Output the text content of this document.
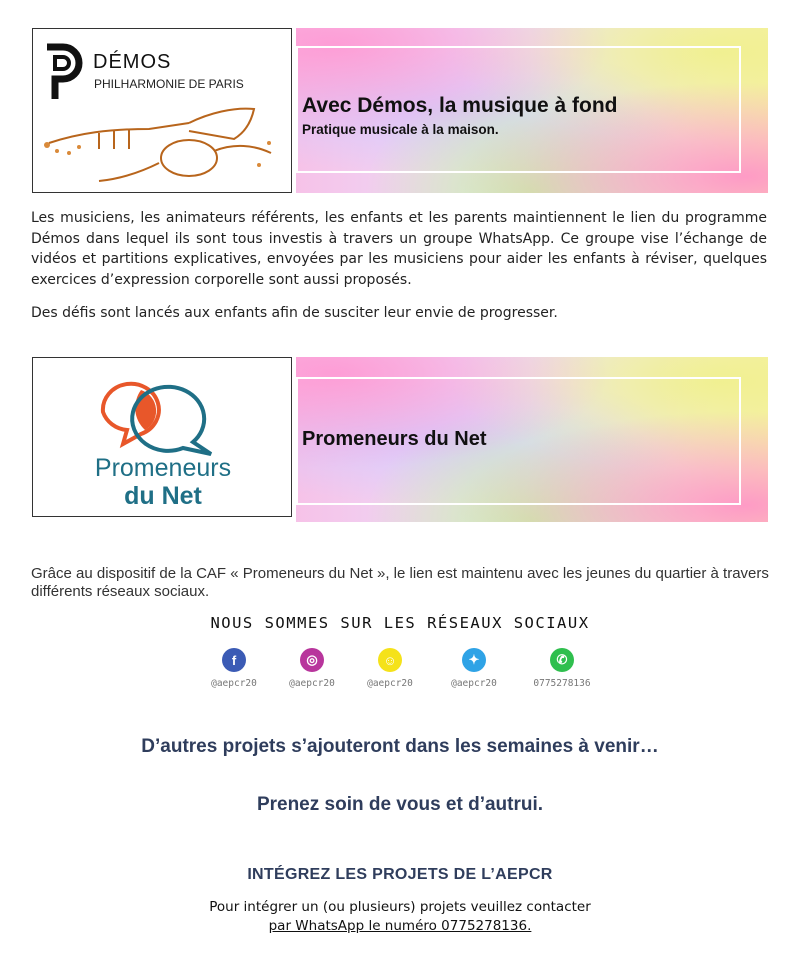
DÉMOS
PHILHARMONIE DE PARIS
Avec Démos, la musique à fond
Pratique musicale à la maison.
Les musiciens, les animateurs référents, les enfants et les parents maintiennent le lien du programme Démos dans lequel ils sont tous investis à travers un groupe WhatsApp. Ce groupe vise l’échange de vidéos et partitions explicatives, envoyées par les musiciens pour aider les enfants à réviser, quelques exercices d’expression corporelle sont aussi proposés.
Des défis sont lancés aux enfants afin de susciter leur envie de progresser.
Promeneurs
du Net
Promeneurs du Net
Grâce au dispositif de la CAF « Promeneurs du Net », le lien est maintenu avec les jeunes du quartier à travers différents réseaux sociaux.
NOUS SOMMES SUR LES RÉSEAUX SOCIAUX
f
@aepcr20
◎
@aepcr20
☺
@aepcr20
✦
@aepcr20
✆
0775278136
D’autres projets s’ajouteront dans les semaines à venir…
Prenez soin de vous et d’autrui.
INTÉGREZ LES PROJETS DE L’AEPCR
Pour intégrer un (ou plusieurs) projets veuillez contacter
par WhatsApp le numéro 0775278136.
